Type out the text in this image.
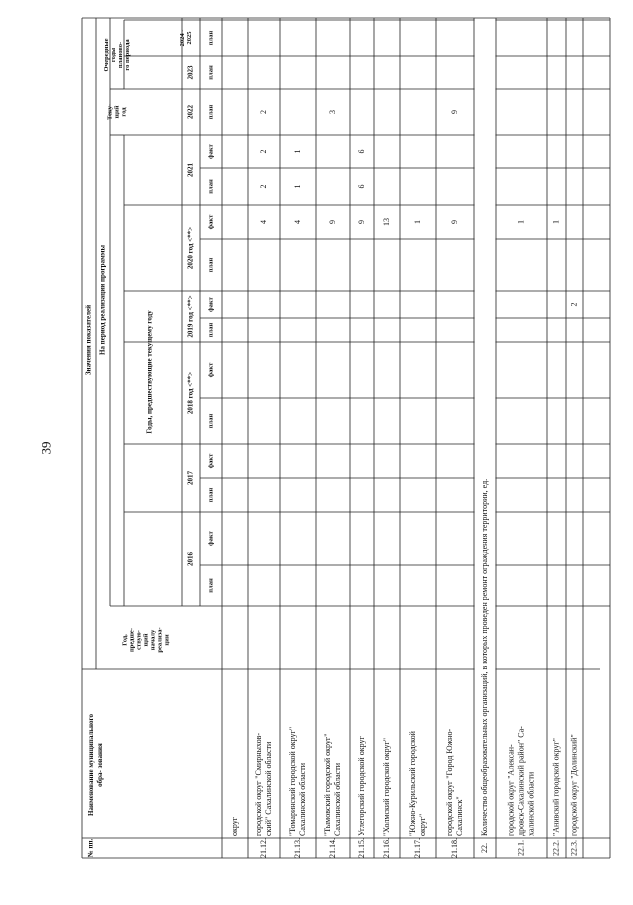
39
№ пп.
Наименование муниципального обра- зования
Значения показателей На период реализации программы
Год, предше- ствую- щий началу реализа- ции
Годы, предшествующие текущему году
Теку- щий год
Очередные годы планово- го периода
2016
2017
2018 год <**>
2019 год <**>
2020 год <**>
2021
2022
2023
2024 - 2025
план
факт
план
факт
план
факт
план
факт
план
факт
план
факт
план
план
план
округ
21.12.
городской округ "Смирныхов- ский" Сахалинской области
4
2
2
2
21.13.
"Томаринский городской округ" Сахалинской области
4
1
1
21.14.
"Тымовский городской округ" Сахалинской области
9
3
21.15.
Углегорский городской округ
9
6
6
21.16.
"Холмский городской округ"
13
21.17.
"Южно-Курильский городской округ"
1
21.18.
городской округ "Город Южно- Сахалинск"
9
9
22.
Количество общеобразовательных организаций, в которых проведен ремонт ограждения территории, ед.
22.1.
городской округ "Алексан- дровск-Сахалинский район" Са- халинской области
1
22.2.
"Анивский городской округ"
1
22.3.
городской округ "Долинский"
2
